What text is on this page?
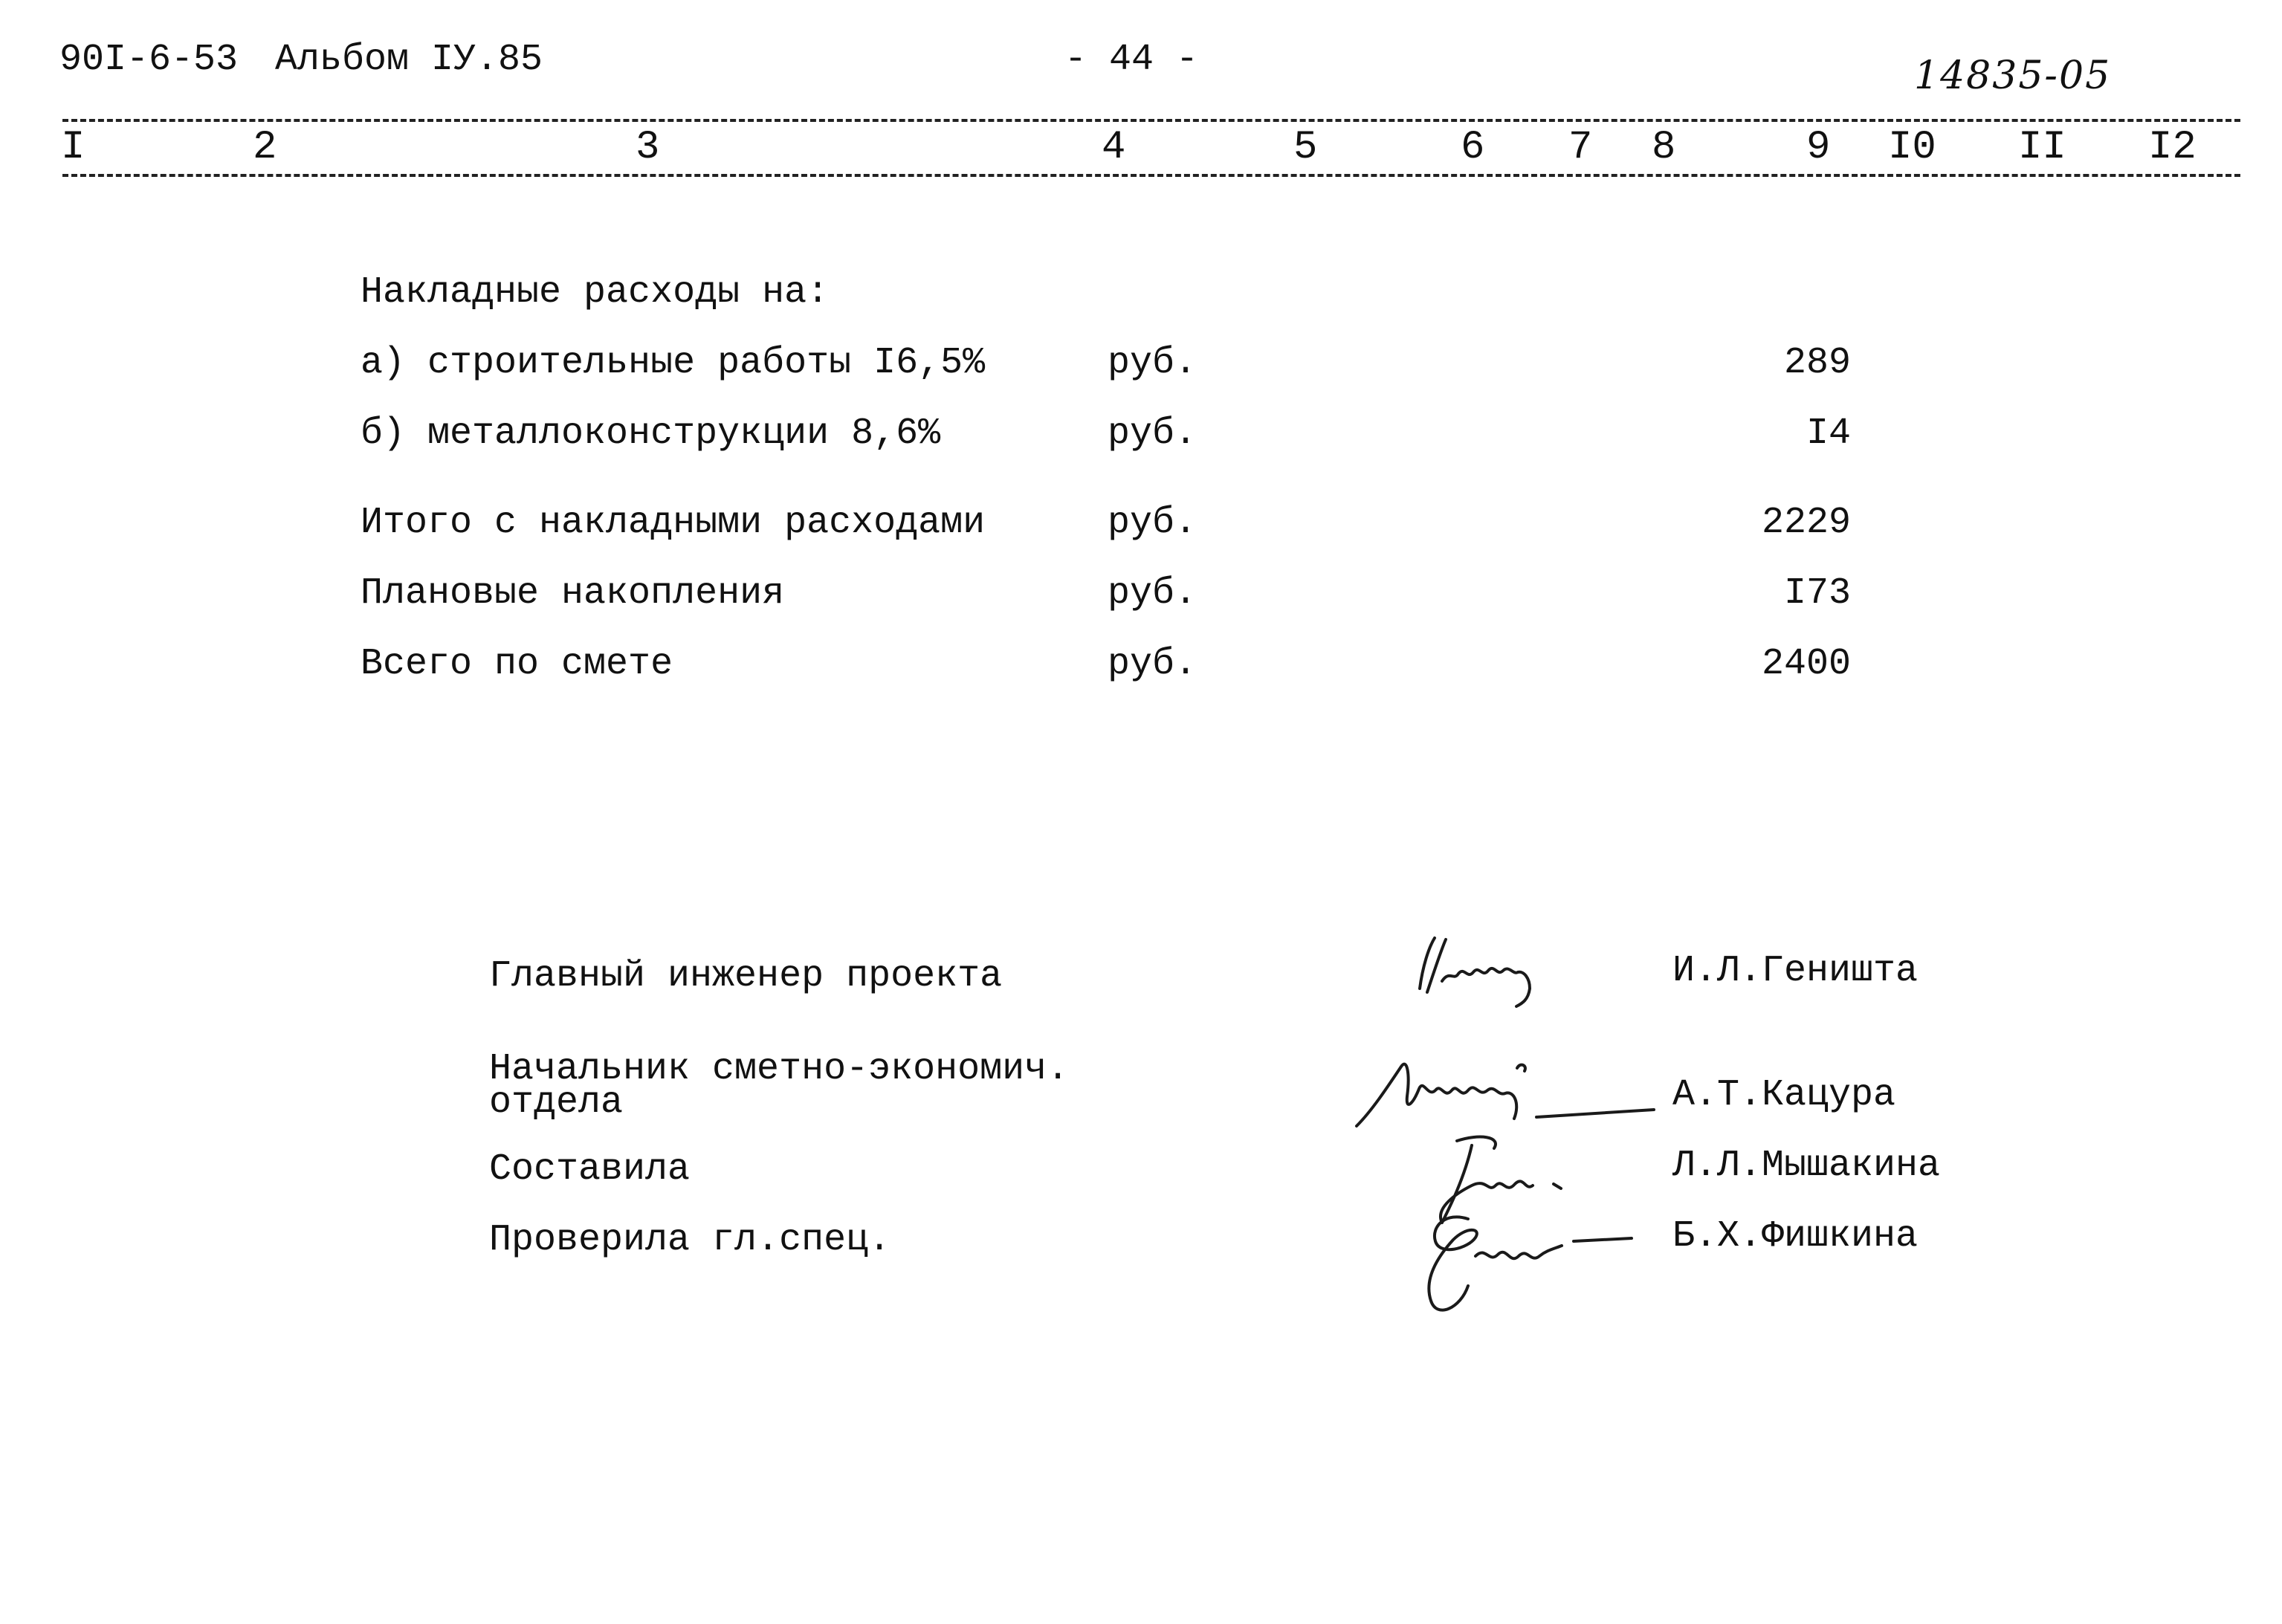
90I-6-53 Альбом IУ.85	- 44 -	14835-05
I	2	3	4	5	6 7 8	9 I0 II I2
Накладные расходы на:
а) строительные работы I6,5%	руб.	289
б) металлоконструкции 8,6%	руб.	I4
Итого с накладными расходами	руб.	2229
Плановые накопления	руб.	I73
Всего по смете	руб.	2400
Главный инженер проекта	И.Л.Геништа
Начальник сметно-экономич.
отдела	А.Т.Кацура
Составила	Л.Л.Мышакина
Проверила гл.спец.	Б.Х.Фишкина
